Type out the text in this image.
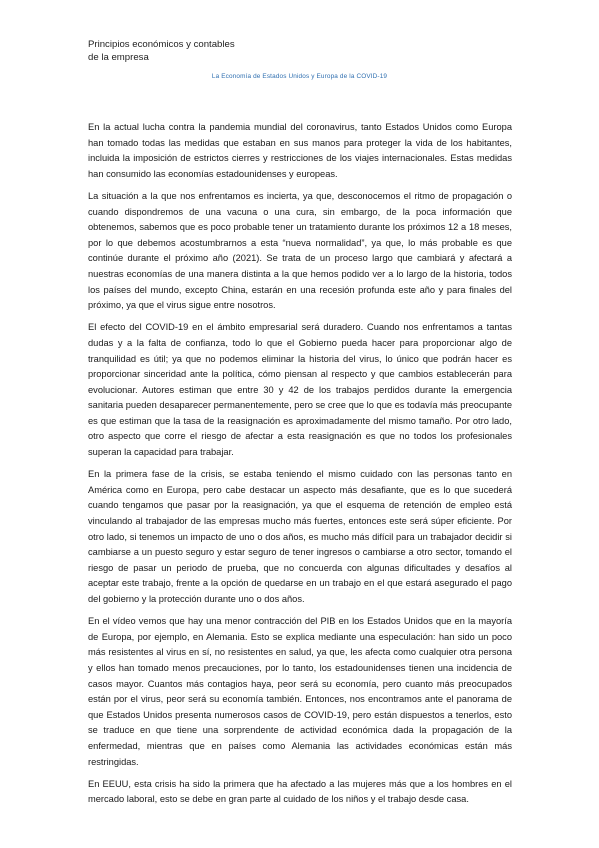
Principios económicos y contables
de la empresa
La Economía de Estados Unidos y Europa de la COVID-19

En la actual lucha contra la pandemia mundial del coronavirus, tanto Estados Unidos como Europa han tomado todas las medidas que estaban en sus manos para proteger la vida de los habitantes, incluida la imposición de estrictos cierres y restricciones de los viajes internacionales. Estas medidas han consumido las economías estadounidenses y europeas.

La situación a la que nos enfrentamos es incierta, ya que, desconocemos el ritmo de propagación o cuando dispondremos de una vacuna o una cura, sin embargo, de la poca información que obtenemos, sabemos que es poco probable tener un tratamiento durante los próximos 12 a 18 meses, por lo que debemos acostumbrarnos a esta “nueva normalidad”, ya que, lo más probable es que continúe durante el próximo año (2021). Se trata de un proceso largo que cambiará y afectará a nuestras economías de una manera distinta a la que hemos podido ver a lo largo de la historia, todos los países del mundo, excepto China, estarán en una recesión profunda este año y para finales del próximo, ya que el virus sigue entre nosotros.

El efecto del COVID-19 en el ámbito empresarial será duradero. Cuando nos enfrentamos a tantas dudas y a la falta de confianza, todo lo que el Gobierno pueda hacer para proporcionar algo de tranquilidad es útil; ya que no podemos eliminar la historia del virus, lo único que podrán hacer es proporcionar sinceridad ante la política, cómo piensan al respecto y que cambios establecerán para evolucionar. Autores estiman que entre 30 y 42 de los trabajos perdidos durante la emergencia sanitaria pueden desaparecer permanentemente, pero se cree que lo que es todavía más preocupante es que estiman que la tasa de la reasignación es aproximadamente del mismo tamaño. Por otro lado, otro aspecto que corre el riesgo de afectar a esta reasignación es que no todos los profesionales superan la capacidad para trabajar.

En la primera fase de la crisis, se estaba teniendo el mismo cuidado con las personas tanto en América como en Europa, pero cabe destacar un aspecto más desafiante, que es lo que sucederá cuando tengamos que pasar por la reasignación, ya que el esquema de retención de empleo está vinculando al trabajador de las empresas mucho más fuertes, entonces este será súper eficiente. Por otro lado, si tenemos un impacto de uno o dos años, es mucho más difícil para un trabajador decidir si cambiarse a un puesto seguro y estar seguro de tener ingresos o cambiarse a otro sector, tomando el riesgo de pasar un periodo de prueba, que no concuerda con algunas dificultades y desafíos al aceptar este trabajo, frente a la opción de quedarse en un trabajo en el que estará asegurado el pago del gobierno y la protección durante uno o dos años.

En el vídeo vemos que hay una menor contracción del PIB en los Estados Unidos que en la mayoría de Europa, por ejemplo, en Alemania. Esto se explica mediante una especulación: han sido un poco más resistentes al virus en sí, no resistentes en salud, ya que, les afecta como cualquier otra persona y ellos han tomado menos precauciones, por lo tanto, los estadounidenses tienen una incidencia de casos mayor. Cuantos más contagios haya, peor será su economía, pero cuanto más preocupados están por el virus, peor será su economía también. Entonces, nos encontramos ante el panorama de que Estados Unidos presenta numerosos casos de COVID-19, pero están dispuestos a tenerlos, esto se traduce en que tiene una sorprendente de actividad económica dada la propagación de la enfermedad, mientras que en países como Alemania las actividades económicas están más restringidas.

En EEUU, esta crisis ha sido la primera que ha afectado a las mujeres más que a los hombres en el mercado laboral, esto se debe en gran parte al cuidado de los niños y el trabajo desde casa.
